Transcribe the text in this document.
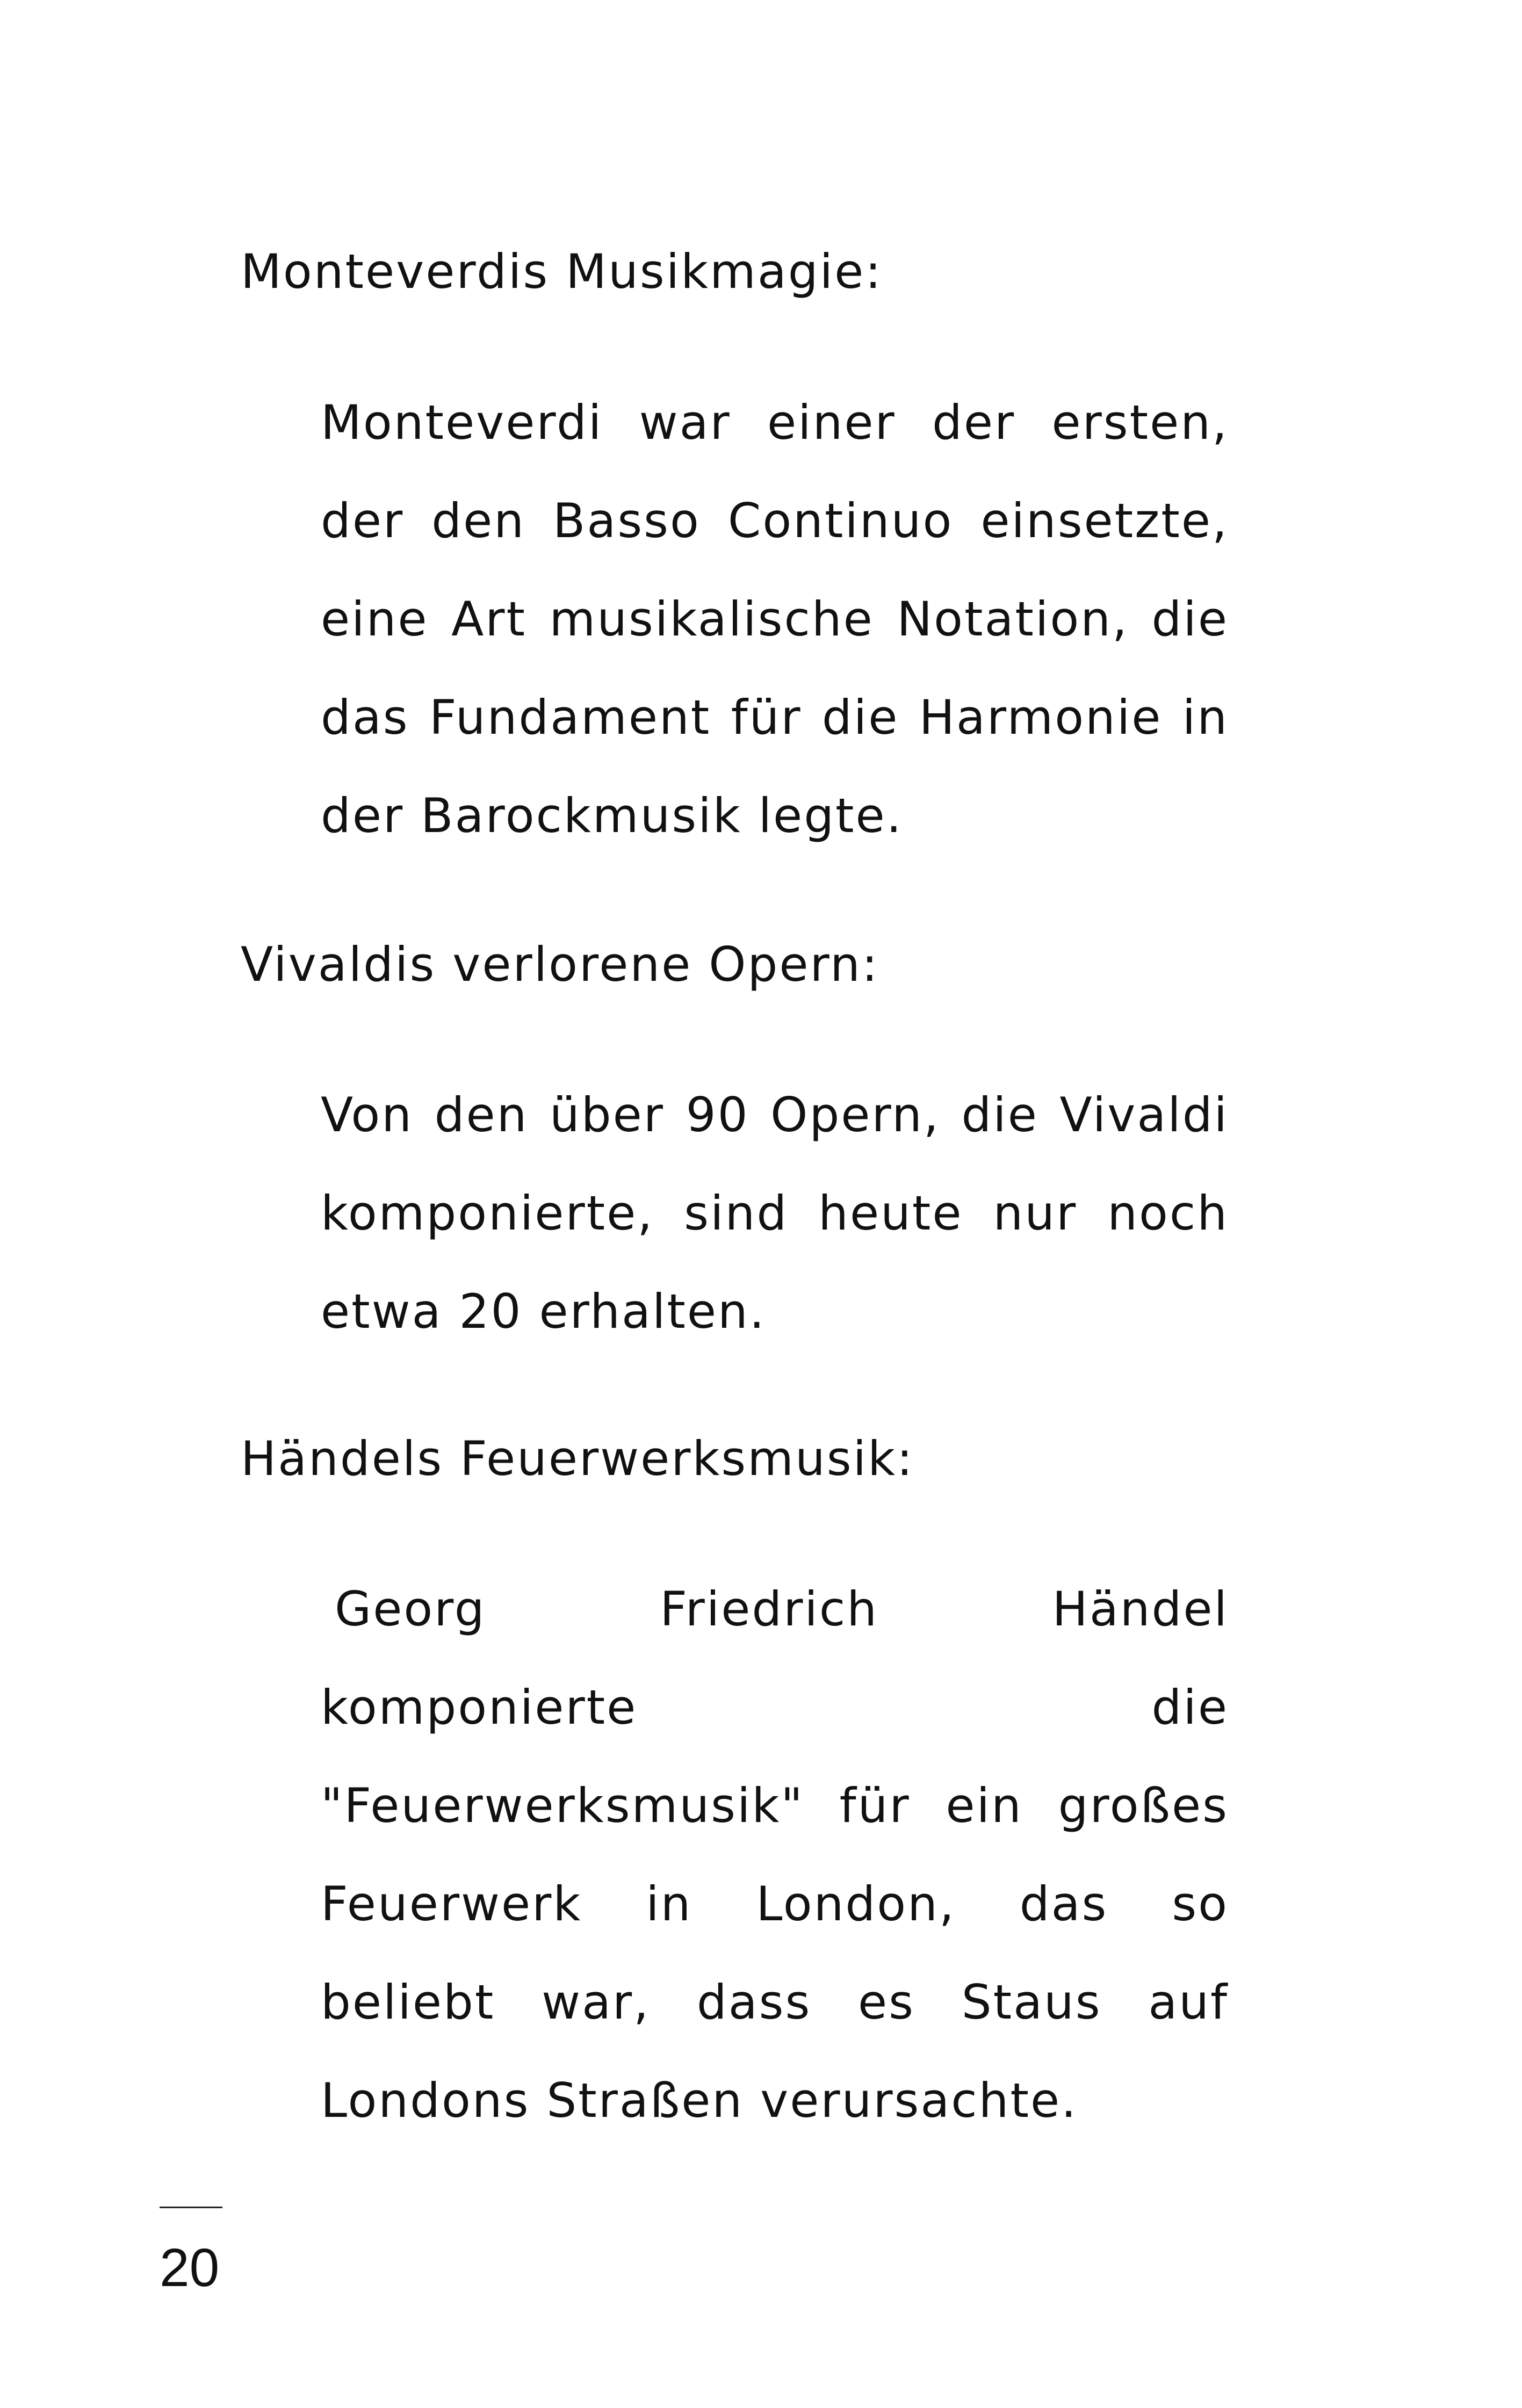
Monteverdis Musikmagie:
Monteverdi war einer der ersten, der den Basso Continuo einsetzte, eine Art musikalische Notation, die das Fundament für die Harmonie in der Barockmusik legte.
Vivaldis verlorene Opern:
Von den über 90 Opern, die Vivaldi komponierte, sind heute nur noch etwa 20 erhalten.
Händels Feuerwerksmusik:
Georg Friedrich Händel komponierte die "Feuerwerksmusik" für ein großes Feuerwerk in London, das so beliebt war, dass es Staus auf Londons Straßen verursachte.
20
